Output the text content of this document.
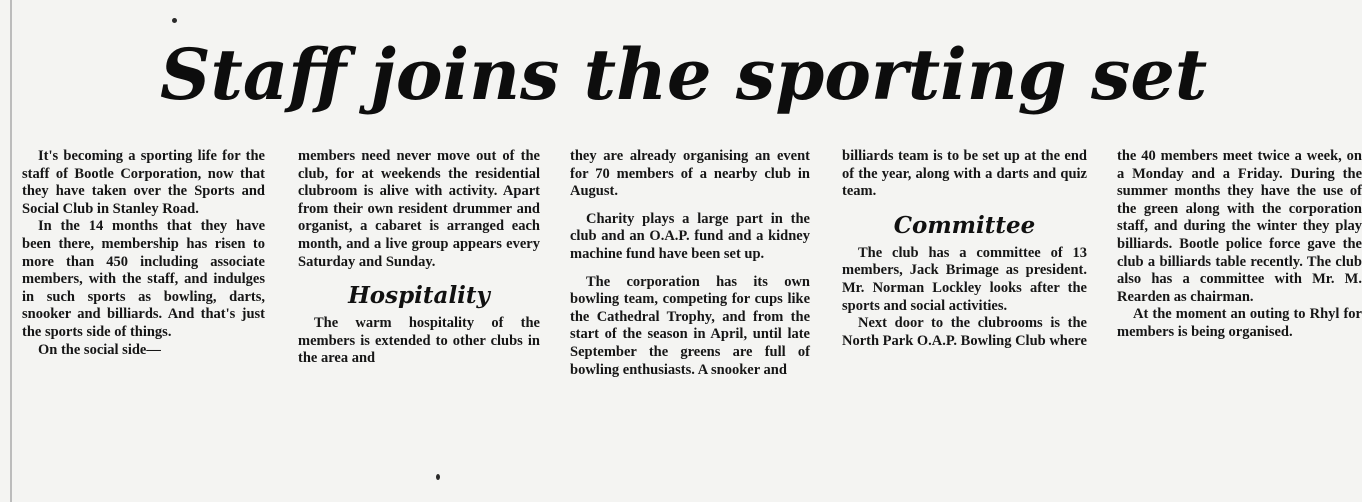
Staff joins the sporting set

It's becoming a sporting life for the staff of Bootle Corporation, now that they have taken over the Sports and Social Club in Stanley Road.

In the 14 months that they have been there, membership has risen to more than 450 including associate members, with the staff, and indulges in such sports as bowling, darts, snooker and billiards. And that's just the sports side of things.

On the social side—

members need never move out of the club, for at weekends the residential clubroom is alive with activity. Apart from their own resident drummer and organist, a cabaret is arranged each month, and a live group appears every Saturday and Sunday.

Hospitality

The warm hospitality of the members is extended to other clubs in the area and

they are already organising an event for 70 members of a nearby club in August.

Charity plays a large part in the club and an O.A.P. fund and a kidney machine fund have been set up.

The corporation has its own bowling team, competing for cups like the Cathedral Trophy, and from the start of the season in April, until late September the greens are full of bowling enthusiasts. A snooker and

billiards team is to be set up at the end of the year, along with a darts and quiz team.

Committee

The club has a committee of 13 members, Jack Brimage as president. Mr. Norman Lockley looks after the sports and social activities.

Next door to the clubrooms is the North Park O.A.P. Bowling Club where

the 40 members meet twice a week, on a Monday and a Friday. During the summer months they have the use of the green along with the corporation staff, and during the winter they play billiards. Bootle police force gave the club a billiards table recently. The club also has a committee with Mr. M. Rearden as chairman.

At the moment an outing to Rhyl for members is being organised.
